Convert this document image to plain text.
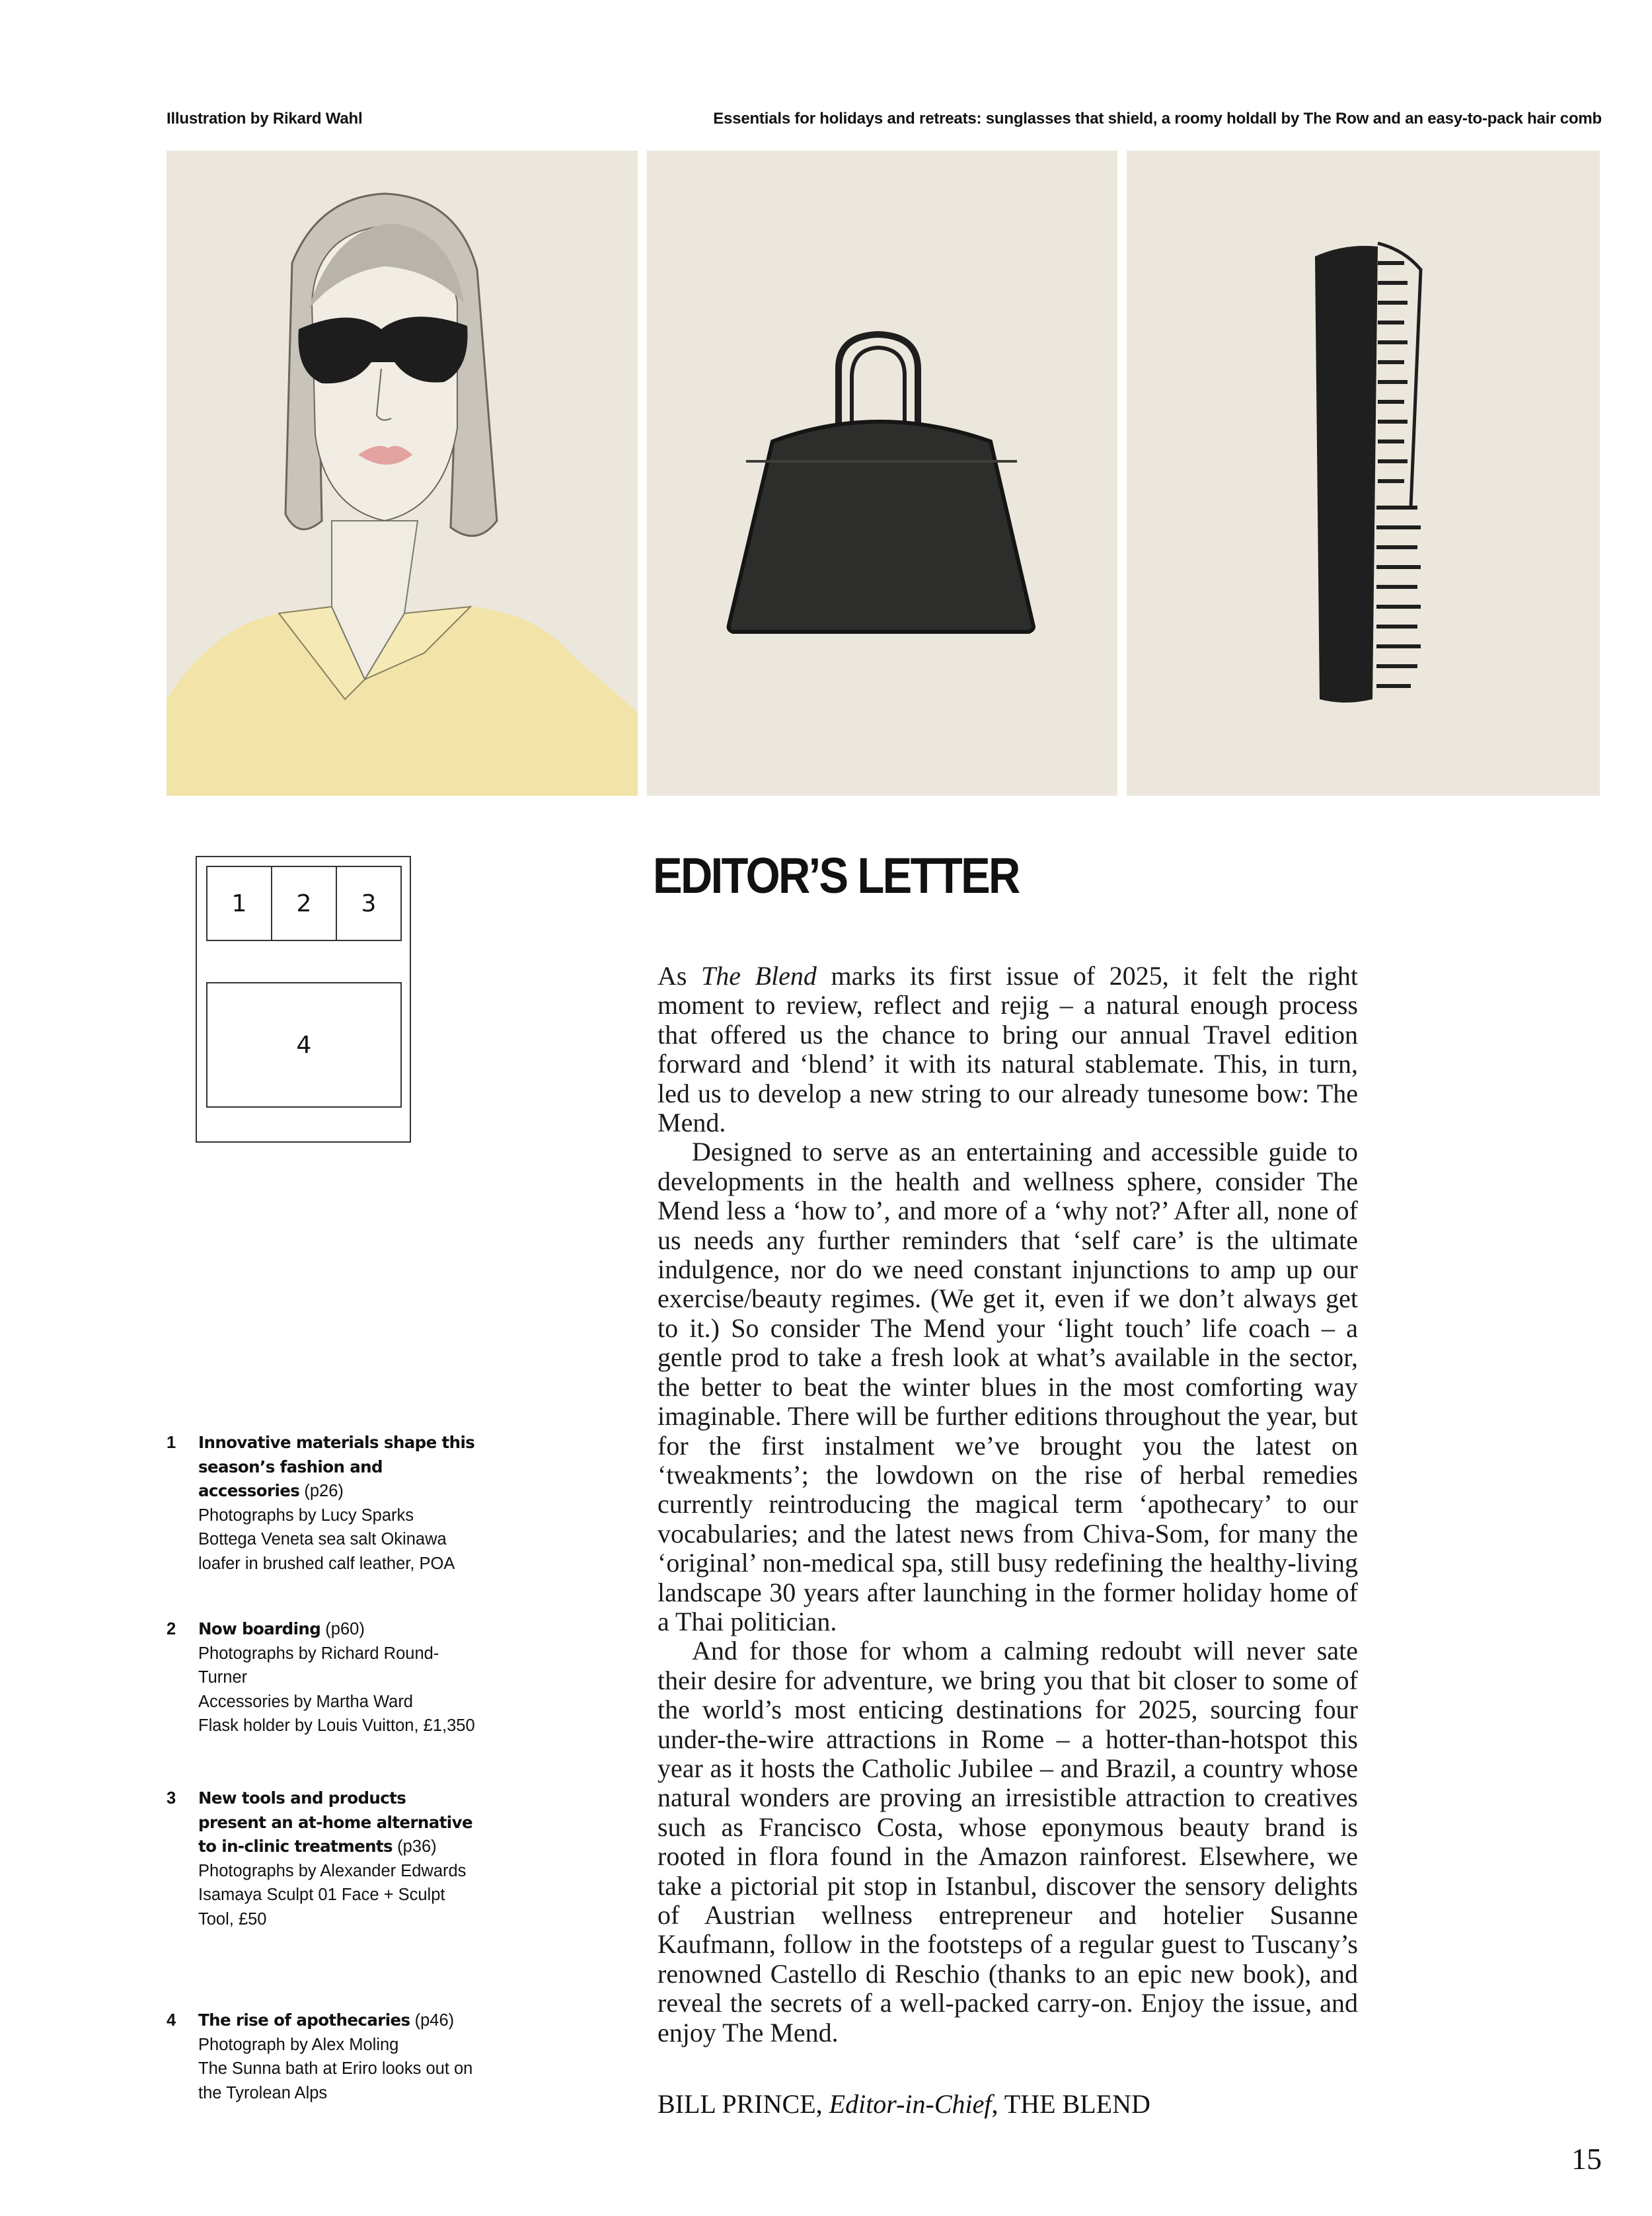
Illustration by Rikard Wahl	Essentials for holidays and retreats: sunglasses that shield, a roomy holdall by The Row and an easy-to-pack hair comb
1 2 3
4
EDITOR’S LETTER

As The Blend marks its first issue of 2025, it felt the right moment to review, reflect and rejig – a natural enough process that offered us the chance to bring our annual Travel edition forward and ‘blend’ it with its natural stablemate. This, in turn, led us to develop a new string to our already tunesome bow: The Mend.

Designed to serve as an entertaining and accessible guide to developments in the health and wellness sphere, consider The Mend less a ‘how to’, and more of a ‘why not?’ After all, none of us needs any further reminders that ‘self care’ is the ultimate indulgence, nor do we need constant injunctions to amp up our exercise/beauty regimes. (We get it, even if we don’t always get to it.) So consider The Mend your ‘light touch’ life coach – a gentle prod to take a fresh look at what’s available in the sector, the better to beat the winter blues in the most comforting way imaginable. There will be further editions throughout the year, but for the first instalment we’ve brought you the latest on ‘tweakments’; the lowdown on the rise of herbal remedies currently reintroducing the magical term ‘apothecary’ to our vocabularies; and the latest news from Chiva-Som, for many the ‘original’ non-medical spa, still busy redefining the healthy-living landscape 30 years after launching in the former holiday home of a Thai politician.

And for those for whom a calming redoubt will never sate their desire for adventure, we bring you that bit closer to some of the world’s most enticing destinations for 2025, sourcing four under-the-wire attractions in Rome – a hotter-than-hotspot this year as it hosts the Catholic Jubilee – and Brazil, a country whose natural wonders are proving an irresistible attraction to creatives such as Francisco Costa, whose eponymous beauty brand is rooted in flora found in the Amazon rainforest. Elsewhere, we take a pictorial pit stop in Istanbul, discover the sensory delights of Austrian wellness entrepreneur and hotelier Susanne Kaufmann, follow in the footsteps of a regular guest to Tuscany’s renowned Castello di Reschio (thanks to an epic new book), and reveal the secrets of a well-packed carry-on. Enjoy the issue, and enjoy The Mend.

BILL PRINCE, Editor-in-Chief, THE BLEND
1 Innovative materials shape this season’s fashion and accessories (p26)
Photographs by Lucy Sparks
Bottega Veneta sea salt Okinawa loafer in brushed calf leather, POA
2 Now boarding (p60)
Photographs by Richard Round-Turner
Accessories by Martha Ward
Flask holder by Louis Vuitton, £1,350
3 New tools and products present an at-home alternative to in-clinic treatments (p36)
Photographs by Alexander Edwards
Isamaya Sculpt 01 Face + Sculpt Tool, £50
4 The rise of apothecaries (p46)
Photograph by Alex Moling
The Sunna bath at Eriro looks out on the Tyrolean Alps
15
